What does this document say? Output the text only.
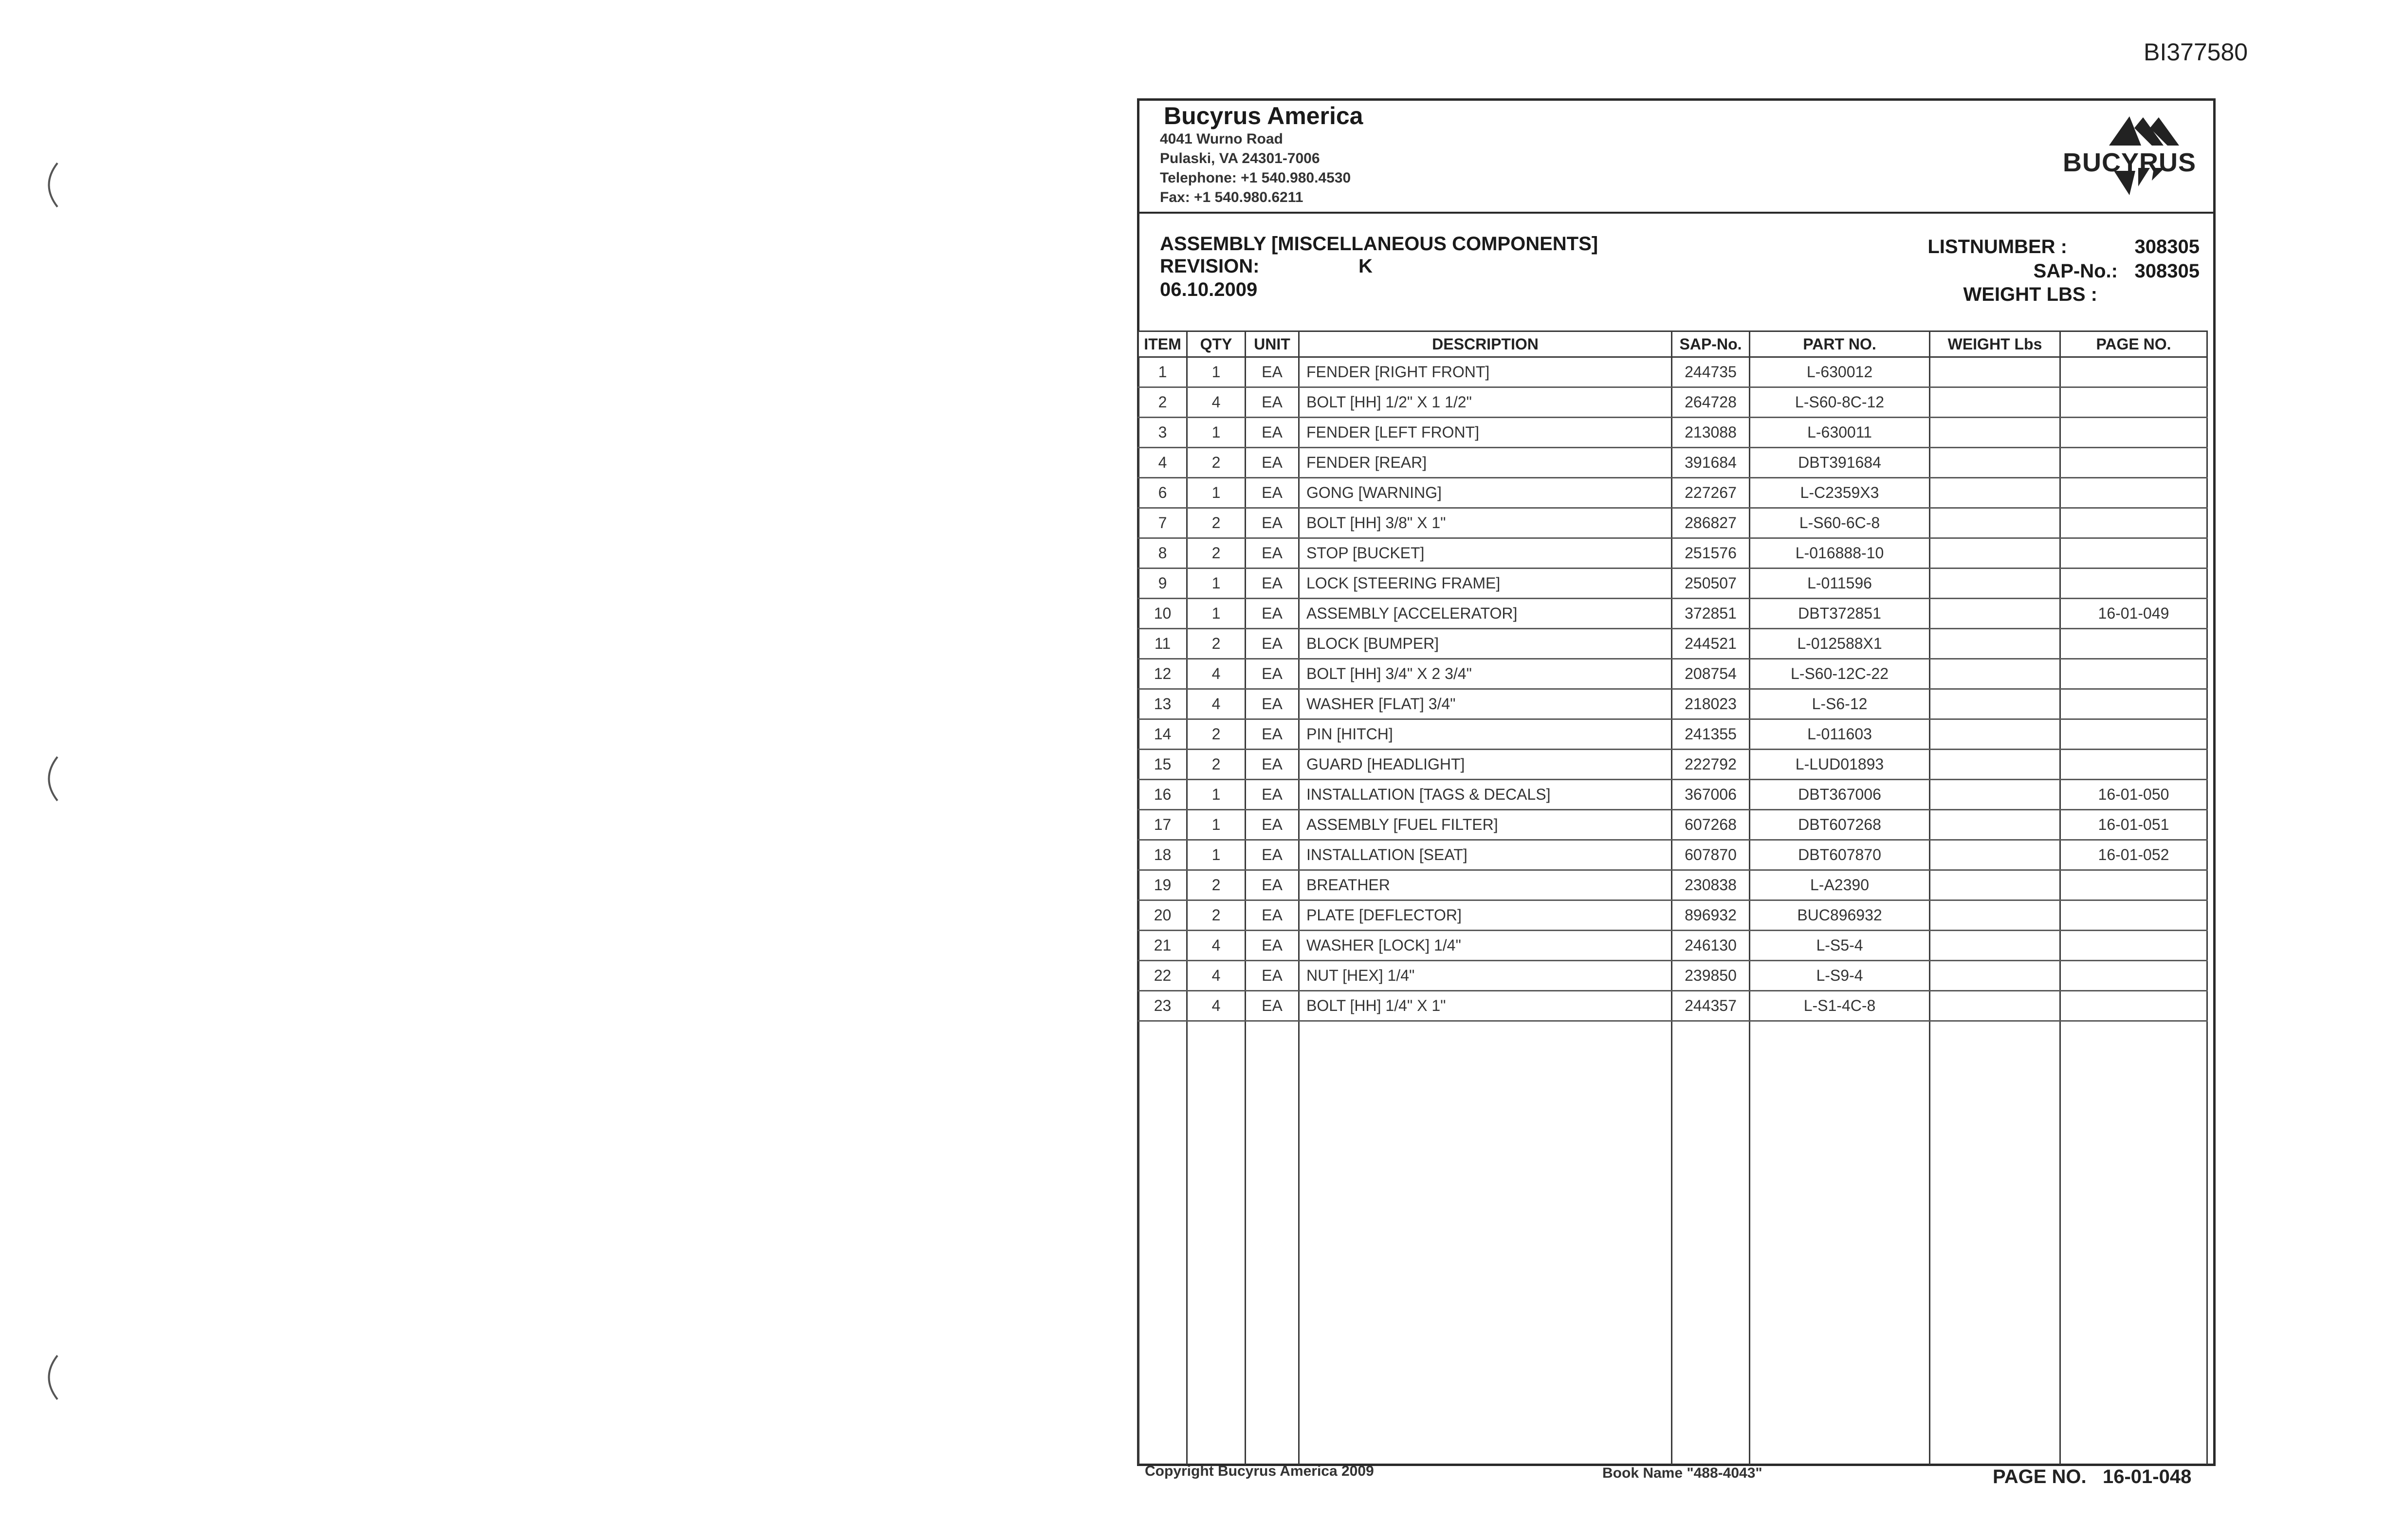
BI377580
Bucyrus America
4041 Wurno Road
Pulaski, VA 24301-7006
Telephone: +1 540.980.4530
Fax: +1 540.980.6211
BUCYRUS
ASSEMBLY [MISCELLANEOUS COMPONENTS]
REVISION:	K
06.10.2009
LISTNUMBER :	308305
SAP-No.: 308305
WEIGHT LBS :
ITEM	QTY	UNIT	DESCRIPTION	SAP-No.	PART NO.	WEIGHT Lbs	PAGE NO.
1	1	EA	FENDER [RIGHT FRONT]	244735	L-630012		
2	4	EA	BOLT [HH] 1/2" X 1 1/2"	264728	L-S60-8C-12		
3	1	EA	FENDER [LEFT FRONT]	213088	L-630011		
4	2	EA	FENDER [REAR]	391684	DBT391684		
6	1	EA	GONG [WARNING]	227267	L-C2359X3		
7	2	EA	BOLT [HH] 3/8" X 1"	286827	L-S60-6C-8		
8	2	EA	STOP [BUCKET]	251576	L-016888-10		
9	1	EA	LOCK [STEERING FRAME]	250507	L-011596		
10	1	EA	ASSEMBLY [ACCELERATOR]	372851	DBT372851		16-01-049
11	2	EA	BLOCK [BUMPER]	244521	L-012588X1		
12	4	EA	BOLT [HH] 3/4" X 2 3/4"	208754	L-S60-12C-22		
13	4	EA	WASHER [FLAT] 3/4"	218023	L-S6-12		
14	2	EA	PIN [HITCH]	241355	L-011603		
15	2	EA	GUARD [HEADLIGHT]	222792	L-LUD01893		
16	1	EA	INSTALLATION [TAGS & DECALS]	367006	DBT367006		16-01-050
17	1	EA	ASSEMBLY [FUEL FILTER]	607268	DBT607268		16-01-051
18	1	EA	INSTALLATION [SEAT]	607870	DBT607870		16-01-052
19	2	EA	BREATHER	230838	L-A2390		
20	2	EA	PLATE [DEFLECTOR]	896932	BUC896932		
21	4	EA	WASHER [LOCK] 1/4"	246130	L-S5-4		
22	4	EA	NUT [HEX] 1/4"	239850	L-S9-4		
23	4	EA	BOLT [HH] 1/4" X 1"	244357	L-S1-4C-8		

Copyright Bucyrus America 2009	Book Name "488-4043"	PAGE NO. 16-01-048
